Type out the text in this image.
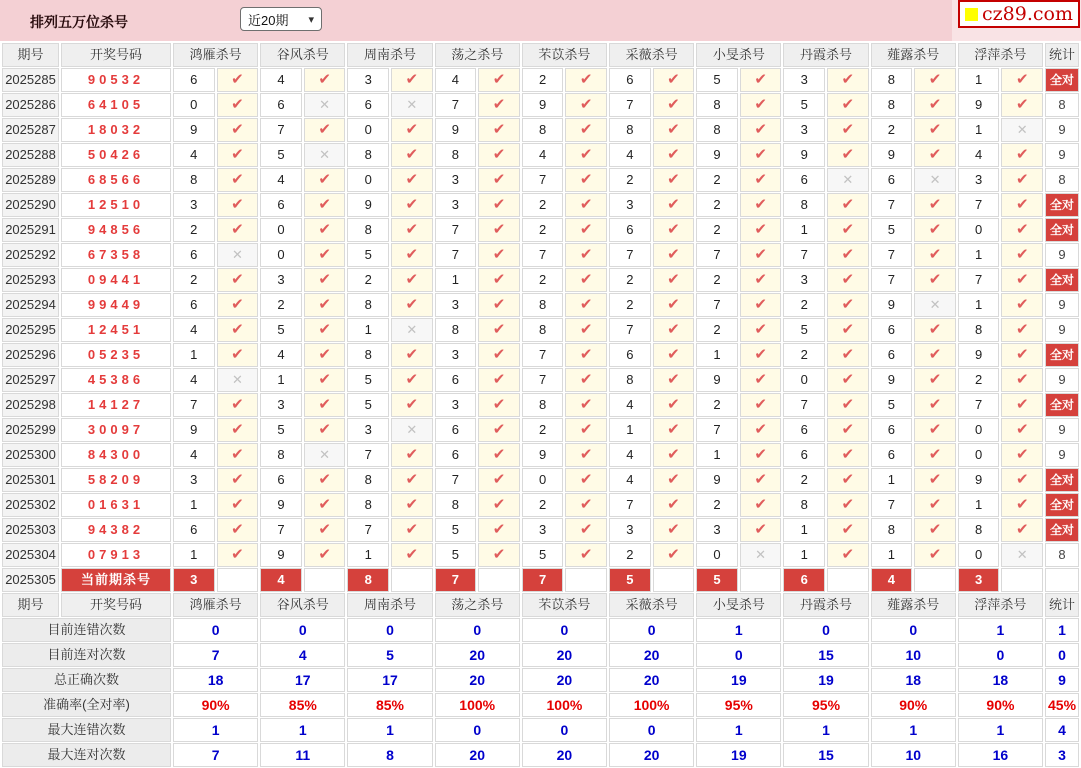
排列五万位杀号	近20期 ▾	cz89.com
期号	开奖号码	鸿雁杀号		谷风杀号		周南杀号		荡之杀号		芣苡杀号		采薇杀号		小旻杀号		丹霞杀号		薤露杀号		浮萍杀号		统计
2025285	90532	6	✔	4	✔	3	✔	4	✔	2	✔	6	✔	5	✔	3	✔	8	✔	1	✔	全对
2025286	64105	0	✔	6	✕	6	✕	7	✔	9	✔	7	✔	8	✔	5	✔	8	✔	9	✔	8
2025287	18032	9	✔	7	✔	0	✔	9	✔	8	✔	8	✔	8	✔	3	✔	2	✔	1	✕	9
2025288	50426	4	✔	5	✕	8	✔	8	✔	4	✔	4	✔	9	✔	9	✔	9	✔	4	✔	9
2025289	68566	8	✔	4	✔	0	✔	3	✔	7	✔	2	✔	2	✔	6	✕	6	✕	3	✔	8
2025290	12510	3	✔	6	✔	9	✔	3	✔	2	✔	3	✔	2	✔	8	✔	7	✔	7	✔	全对
2025291	94856	2	✔	0	✔	8	✔	7	✔	2	✔	6	✔	2	✔	1	✔	5	✔	0	✔	全对
2025292	67358	6	✕	0	✔	5	✔	7	✔	7	✔	7	✔	7	✔	7	✔	7	✔	1	✔	9
2025293	09441	2	✔	3	✔	2	✔	1	✔	2	✔	2	✔	2	✔	3	✔	7	✔	7	✔	全对
2025294	99449	6	✔	2	✔	8	✔	3	✔	8	✔	2	✔	7	✔	2	✔	9	✕	1	✔	9
2025295	12451	4	✔	5	✔	1	✕	8	✔	8	✔	7	✔	2	✔	5	✔	6	✔	8	✔	9
2025296	05235	1	✔	4	✔	8	✔	3	✔	7	✔	6	✔	1	✔	2	✔	6	✔	9	✔	全对
2025297	45386	4	✕	1	✔	5	✔	6	✔	7	✔	8	✔	9	✔	0	✔	9	✔	2	✔	9
2025298	14127	7	✔	3	✔	5	✔	3	✔	8	✔	4	✔	2	✔	7	✔	5	✔	7	✔	全对
2025299	30097	9	✔	5	✔	3	✕	6	✔	2	✔	1	✔	7	✔	6	✔	6	✔	0	✔	9
2025300	84300	4	✔	8	✕	7	✔	6	✔	9	✔	4	✔	1	✔	6	✔	6	✔	0	✔	9
2025301	58209	3	✔	6	✔	8	✔	7	✔	0	✔	4	✔	9	✔	2	✔	1	✔	9	✔	全对
2025302	01631	1	✔	9	✔	8	✔	8	✔	2	✔	7	✔	2	✔	8	✔	7	✔	1	✔	全对
2025303	94382	6	✔	7	✔	7	✔	5	✔	3	✔	3	✔	3	✔	1	✔	8	✔	8	✔	全对
2025304	07913	1	✔	9	✔	1	✔	5	✔	5	✔	2	✔	0	✕	1	✔	1	✔	0	✕	8
2025305	当前期杀号	3		4		8		7		7		5		5		6		4		3		
期号	开奖号码	鸿雁杀号		谷风杀号		周南杀号		荡之杀号		芣苡杀号		采薇杀号		小旻杀号		丹霞杀号		薤露杀号		浮萍杀号		统计
目前连错次数		0		0		0		0		0		0		1		0		0		1		1
目前连对次数		7		4		5		20		20		20		0		15		10		0		0
总正确次数		18		17		17		20		20		20		19		19		18		18		9
准确率(全对率)		90%		85%		85%		100%		100%		100%		95%		95%		90%		90%		45%
最大连错次数		1		1		1		0		0		0		1		1		1		1		4
最大连对次数		7		11		8		20		20		20		19		15		10		16		3
